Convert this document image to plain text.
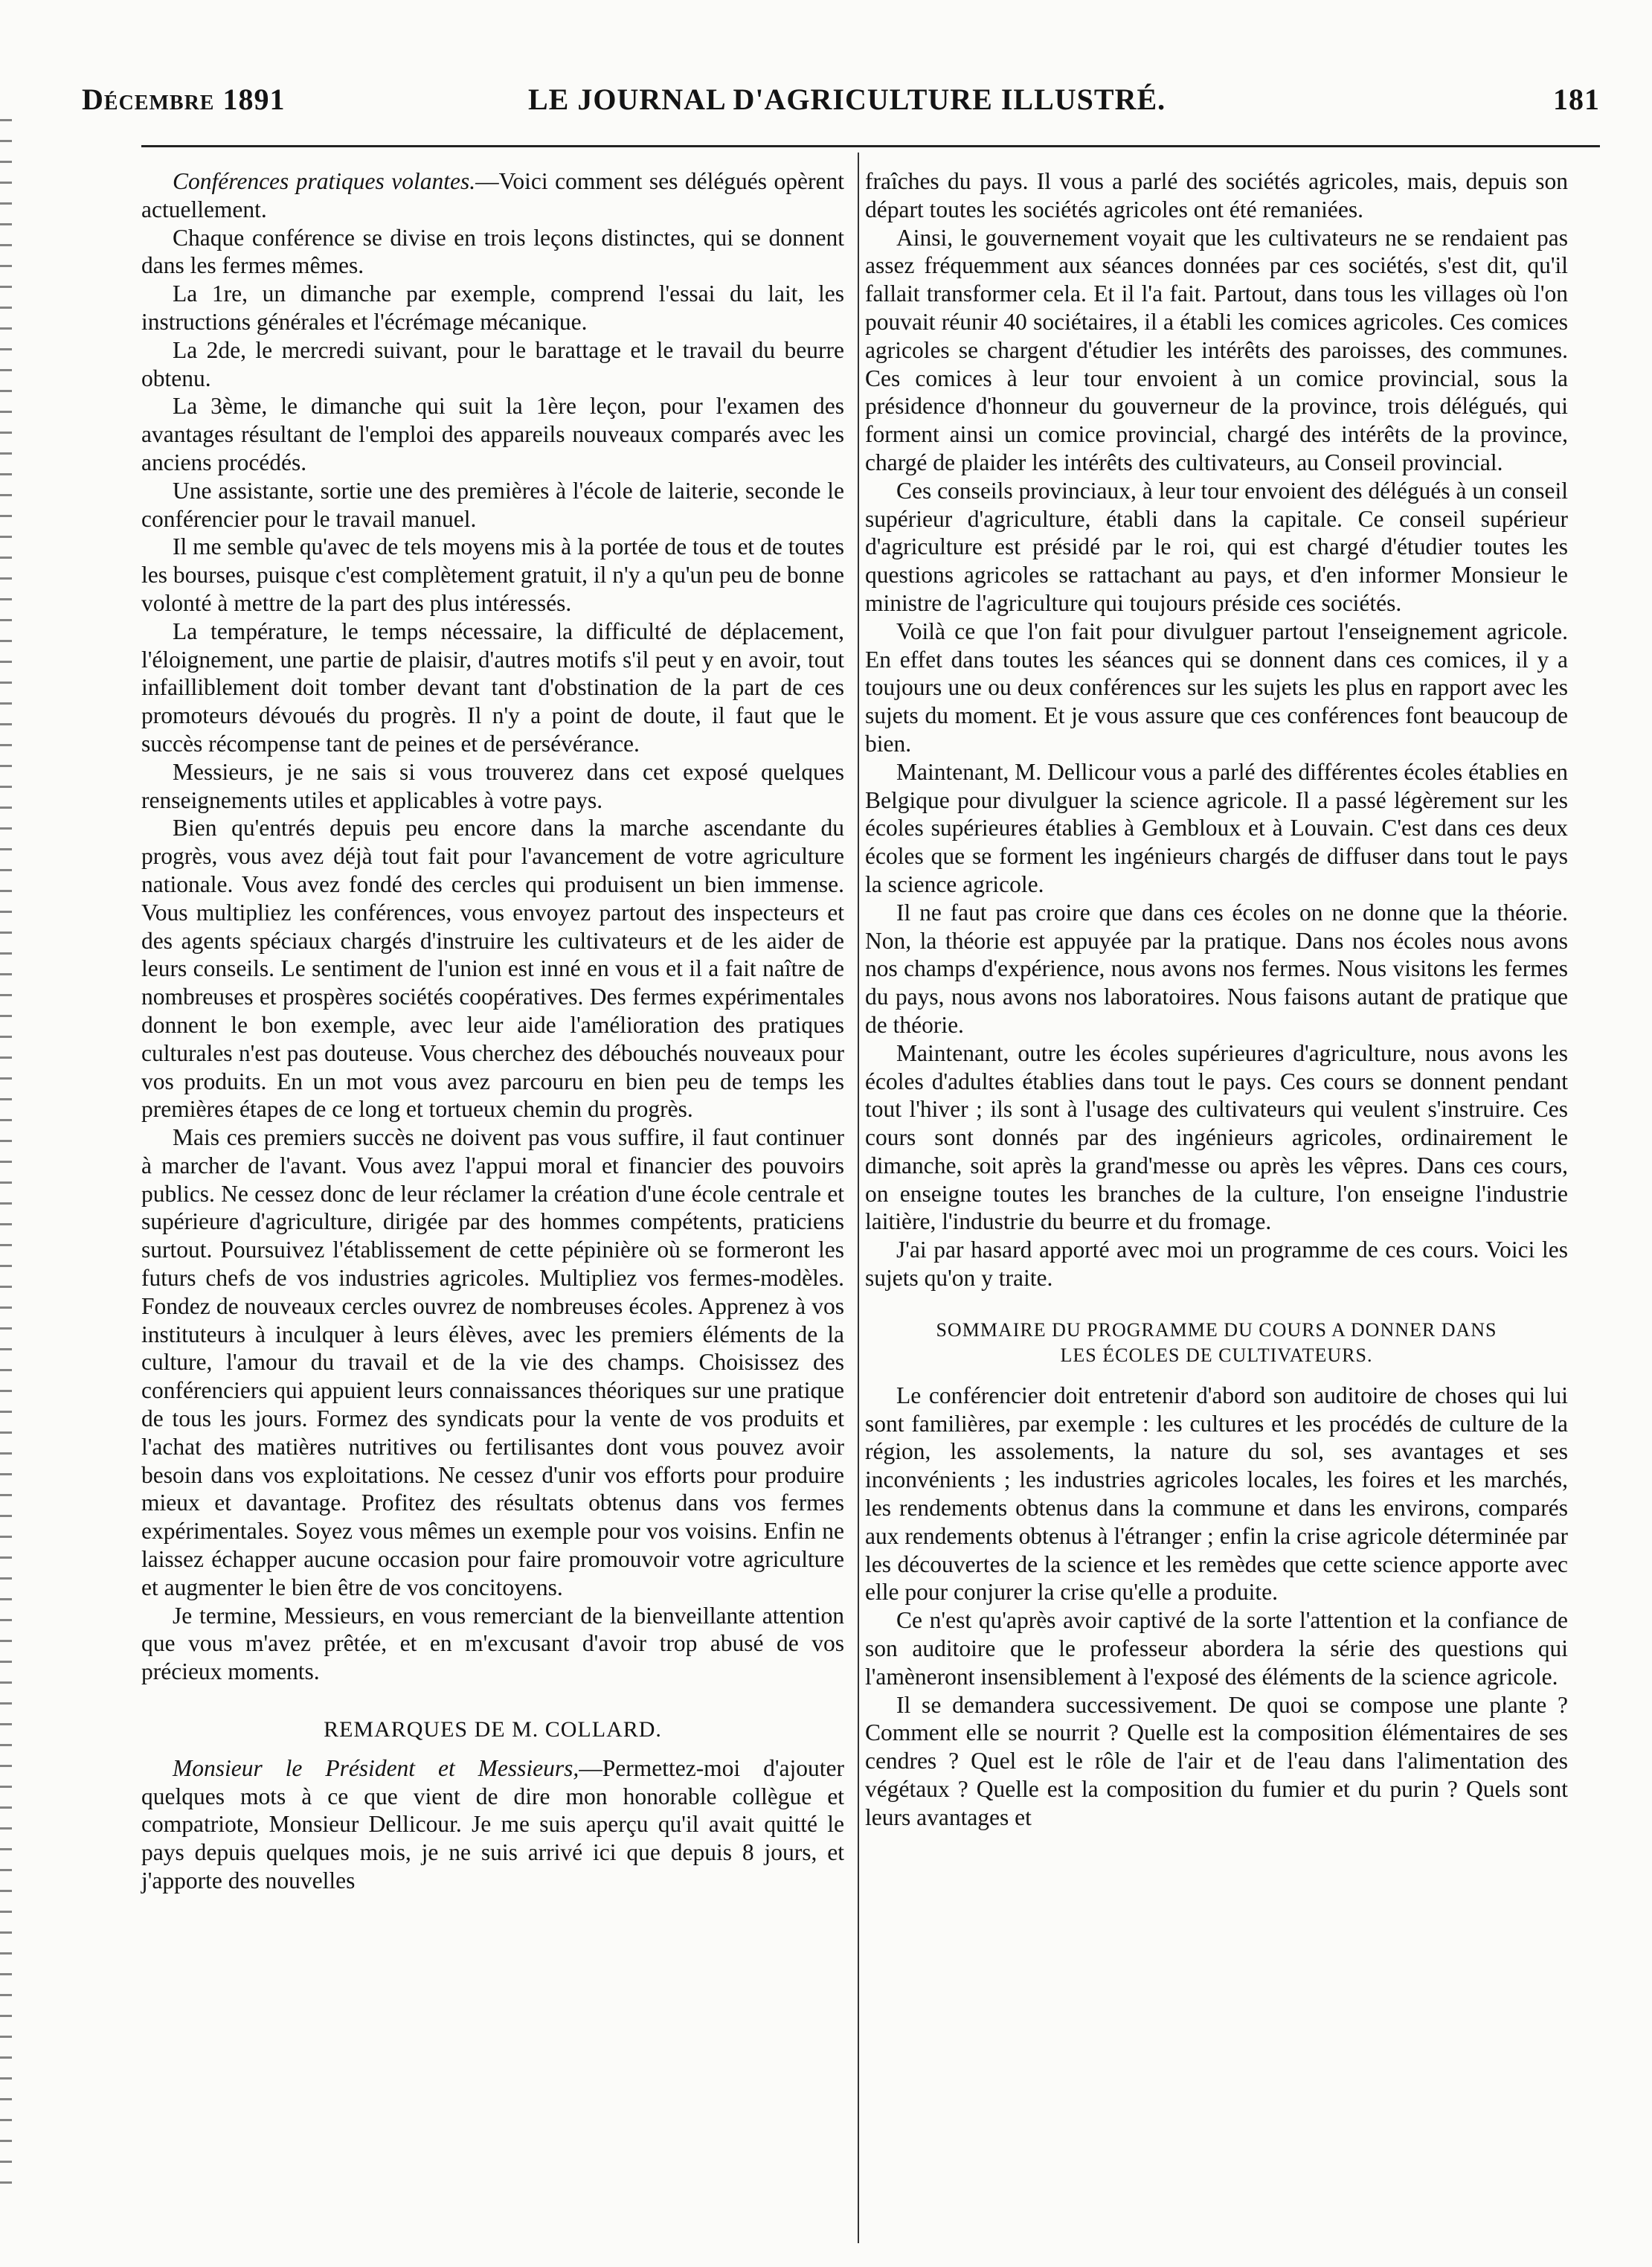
Décembre 1891	LE JOURNAL D'AGRICULTURE ILLUSTRÉ.	181

Conférences pratiques volantes.—Voici comment ses délégués opèrent actuellement.

Chaque conférence se divise en trois leçons distinctes, qui se donnent dans les fermes mêmes.

La 1re, un dimanche par exemple, comprend l'essai du lait, les instructions générales et l'écrémage mécanique.

La 2de, le mercredi suivant, pour le barattage et le travail du beurre obtenu.

La 3ème, le dimanche qui suit la 1ère leçon, pour l'examen des avantages résultant de l'emploi des appareils nouveaux comparés avec les anciens procédés.

Une assistante, sortie une des premières à l'école de laiterie, seconde le conférencier pour le travail manuel.

Il me semble qu'avec de tels moyens mis à la portée de tous et de toutes les bourses, puisque c'est complètement gratuit, il n'y a qu'un peu de bonne volonté à mettre de la part des plus intéressés.

La température, le temps nécessaire, la difficulté de déplacement, l'éloignement, une partie de plaisir, d'autres motifs s'il peut y en avoir, tout infailliblement doit tomber devant tant d'obstination de la part de ces promoteurs dévoués du progrès. Il n'y a point de doute, il faut que le succès récompense tant de peines et de persévérance.

Messieurs, je ne sais si vous trouverez dans cet exposé quelques renseignements utiles et applicables à votre pays.

Bien qu'entrés depuis peu encore dans la marche ascendante du progrès, vous avez déjà tout fait pour l'avancement de votre agriculture nationale. Vous avez fondé des cercles qui produisent un bien immense. Vous multipliez les conférences, vous envoyez partout des inspecteurs et des agents spéciaux chargés d'instruire les cultivateurs et de les aider de leurs conseils. Le sentiment de l'union est inné en vous et il a fait naître de nombreuses et prospères sociétés coopératives. Des fermes expérimentales donnent le bon exemple, avec leur aide l'amélioration des pratiques culturales n'est pas douteuse. Vous cherchez des débouchés nouveaux pour vos produits. En un mot vous avez parcouru en bien peu de temps les premières étapes de ce long et tortueux chemin du progrès.

Mais ces premiers succès ne doivent pas vous suffire, il faut continuer à marcher de l'avant. Vous avez l'appui moral et financier des pouvoirs publics. Ne cessez donc de leur réclamer la création d'une école centrale et supérieure d'agriculture, dirigée par des hommes compétents, praticiens surtout. Poursuivez l'établissement de cette pépinière où se formeront les futurs chefs de vos industries agricoles. Multipliez vos fermes-modèles. Fondez de nouveaux cercles ouvrez de nombreuses écoles. Apprenez à vos instituteurs à inculquer à leurs élèves, avec les premiers éléments de la culture, l'amour du travail et de la vie des champs. Choisissez des conférenciers qui appuient leurs connaissances théoriques sur une pratique de tous les jours. Formez des syndicats pour la vente de vos produits et l'achat des matières nutritives ou fertilisantes dont vous pouvez avoir besoin dans vos exploitations. Ne cessez d'unir vos efforts pour produire mieux et davantage. Profitez des résultats obtenus dans vos fermes expérimentales. Soyez vous mêmes un exemple pour vos voisins. Enfin ne laissez échapper aucune occasion pour faire promouvoir votre agriculture et augmenter le bien être de vos concitoyens.

Je termine, Messieurs, en vous remerciant de la bienveillante attention que vous m'avez prêtée, et en m'excusant d'avoir trop abusé de vos précieux moments.

REMARQUES DE M. COLLARD.

Monsieur le Président et Messieurs,—Permettez-moi d'ajouter quelques mots à ce que vient de dire mon honorable collègue et compatriote, Monsieur Dellicour. Je me suis aperçu qu'il avait quitté le pays depuis quelques mois, je ne suis arrivé ici que depuis 8 jours, et j'apporte des nouvelles

fraîches du pays. Il vous a parlé des sociétés agricoles, mais, depuis son départ toutes les sociétés agricoles ont été remaniées.

Ainsi, le gouvernement voyait que les cultivateurs ne se rendaient pas assez fréquemment aux séances données par ces sociétés, s'est dit, qu'il fallait transformer cela. Et il l'a fait. Partout, dans tous les villages où l'on pouvait réunir 40 sociétaires, il a établi les comices agricoles. Ces comices agricoles se chargent d'étudier les intérêts des paroisses, des communes. Ces comices à leur tour envoient à un comice provincial, sous la présidence d'honneur du gouverneur de la province, trois délégués, qui forment ainsi un comice provincial, chargé des intérêts de la province, chargé de plaider les intérêts des cultivateurs, au Conseil provincial.

Ces conseils provinciaux, à leur tour envoient des délégués à un conseil supérieur d'agriculture, établi dans la capitale. Ce conseil supérieur d'agriculture est présidé par le roi, qui est chargé d'étudier toutes les questions agricoles se rattachant au pays, et d'en informer Monsieur le ministre de l'agriculture qui toujours préside ces sociétés.

Voilà ce que l'on fait pour divulguer partout l'enseignement agricole. En effet dans toutes les séances qui se donnent dans ces comices, il y a toujours une ou deux conférences sur les sujets les plus en rapport avec les sujets du moment. Et je vous assure que ces conférences font beaucoup de bien.

Maintenant, M. Dellicour vous a parlé des différentes écoles établies en Belgique pour divulguer la science agricole. Il a passé légèrement sur les écoles supérieures établies à Gembloux et à Louvain. C'est dans ces deux écoles que se forment les ingénieurs chargés de diffuser dans tout le pays la science agricole.

Il ne faut pas croire que dans ces écoles on ne donne que la théorie. Non, la théorie est appuyée par la pratique. Dans nos écoles nous avons nos champs d'expérience, nous avons nos fermes. Nous visitons les fermes du pays, nous avons nos laboratoires. Nous faisons autant de pratique que de théorie.

Maintenant, outre les écoles supérieures d'agriculture, nous avons les écoles d'adultes établies dans tout le pays. Ces cours se donnent pendant tout l'hiver ; ils sont à l'usage des cultivateurs qui veulent s'instruire. Ces cours sont donnés par des ingénieurs agricoles, ordinairement le dimanche, soit après la grand'messe ou après les vêpres. Dans ces cours, on enseigne toutes les branches de la culture, l'on enseigne l'industrie laitière, l'industrie du beurre et du fromage.

J'ai par hasard apporté avec moi un programme de ces cours. Voici les sujets qu'on y traite.

SOMMAIRE DU PROGRAMME DU COURS A DONNER DANS
LES ÉCOLES DE CULTIVATEURS.

Le conférencier doit entretenir d'abord son auditoire de choses qui lui sont familières, par exemple : les cultures et les procédés de culture de la région, les assolements, la nature du sol, ses avantages et ses inconvénients ; les industries agricoles locales, les foires et les marchés, les rendements obtenus dans la commune et dans les environs, comparés aux rendements obtenus à l'étranger ; enfin la crise agricole déterminée par les découvertes de la science et les remèdes que cette science apporte avec elle pour conjurer la crise qu'elle a produite.

Ce n'est qu'après avoir captivé de la sorte l'attention et la confiance de son auditoire que le professeur abordera la série des questions qui l'amèneront insensiblement à l'exposé des éléments de la science agricole.

Il se demandera successivement. De quoi se compose une plante ? Comment elle se nourrit ? Quelle est la composition élémentaires de ses cendres ? Quel est le rôle de l'air et de l'eau dans l'alimentation des végétaux ? Quelle est la composition du fumier et du purin ? Quels sont leurs avantages et
